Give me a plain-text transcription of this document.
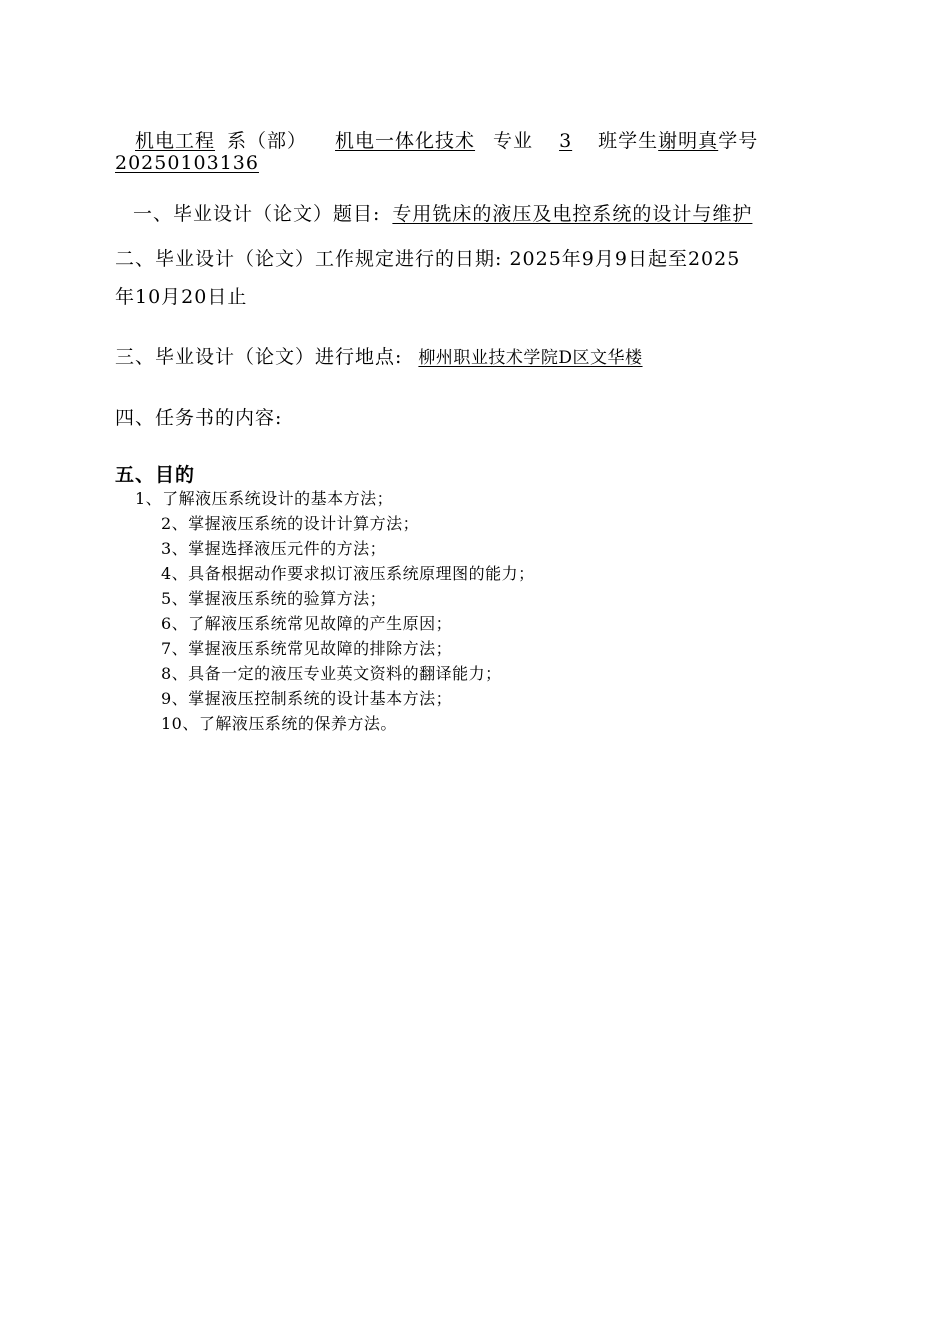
机电工程 系（部） 机电一体化技术 专业 3 班学生谢明真学号
20250103136
一、毕业设计（论文）题目: 专用铣床的液压及电控系统的设计与维护
二、毕业设计（论文）工作规定进行的日期: 2025年9月9日起至2025
年10月20日止
三、毕业设计（论文）进行地点: 柳州职业技术学院D区文华楼
四、任务书的内容:
五、目的
1、了解液压系统设计的基本方法；
2、掌握液压系统的设计计算方法；
3、掌握选择液压元件的方法；
4、具备根据动作要求拟订液压系统原理图的能力；
5、掌握液压系统的验算方法；
6、了解液压系统常见故障的产生原因；
7、掌握液压系统常见故障的排除方法；
8、具备一定的液压专业英文资料的翻译能力；
9、掌握液压控制系统的设计基本方法；
10、了解液压系统的保养方法。
